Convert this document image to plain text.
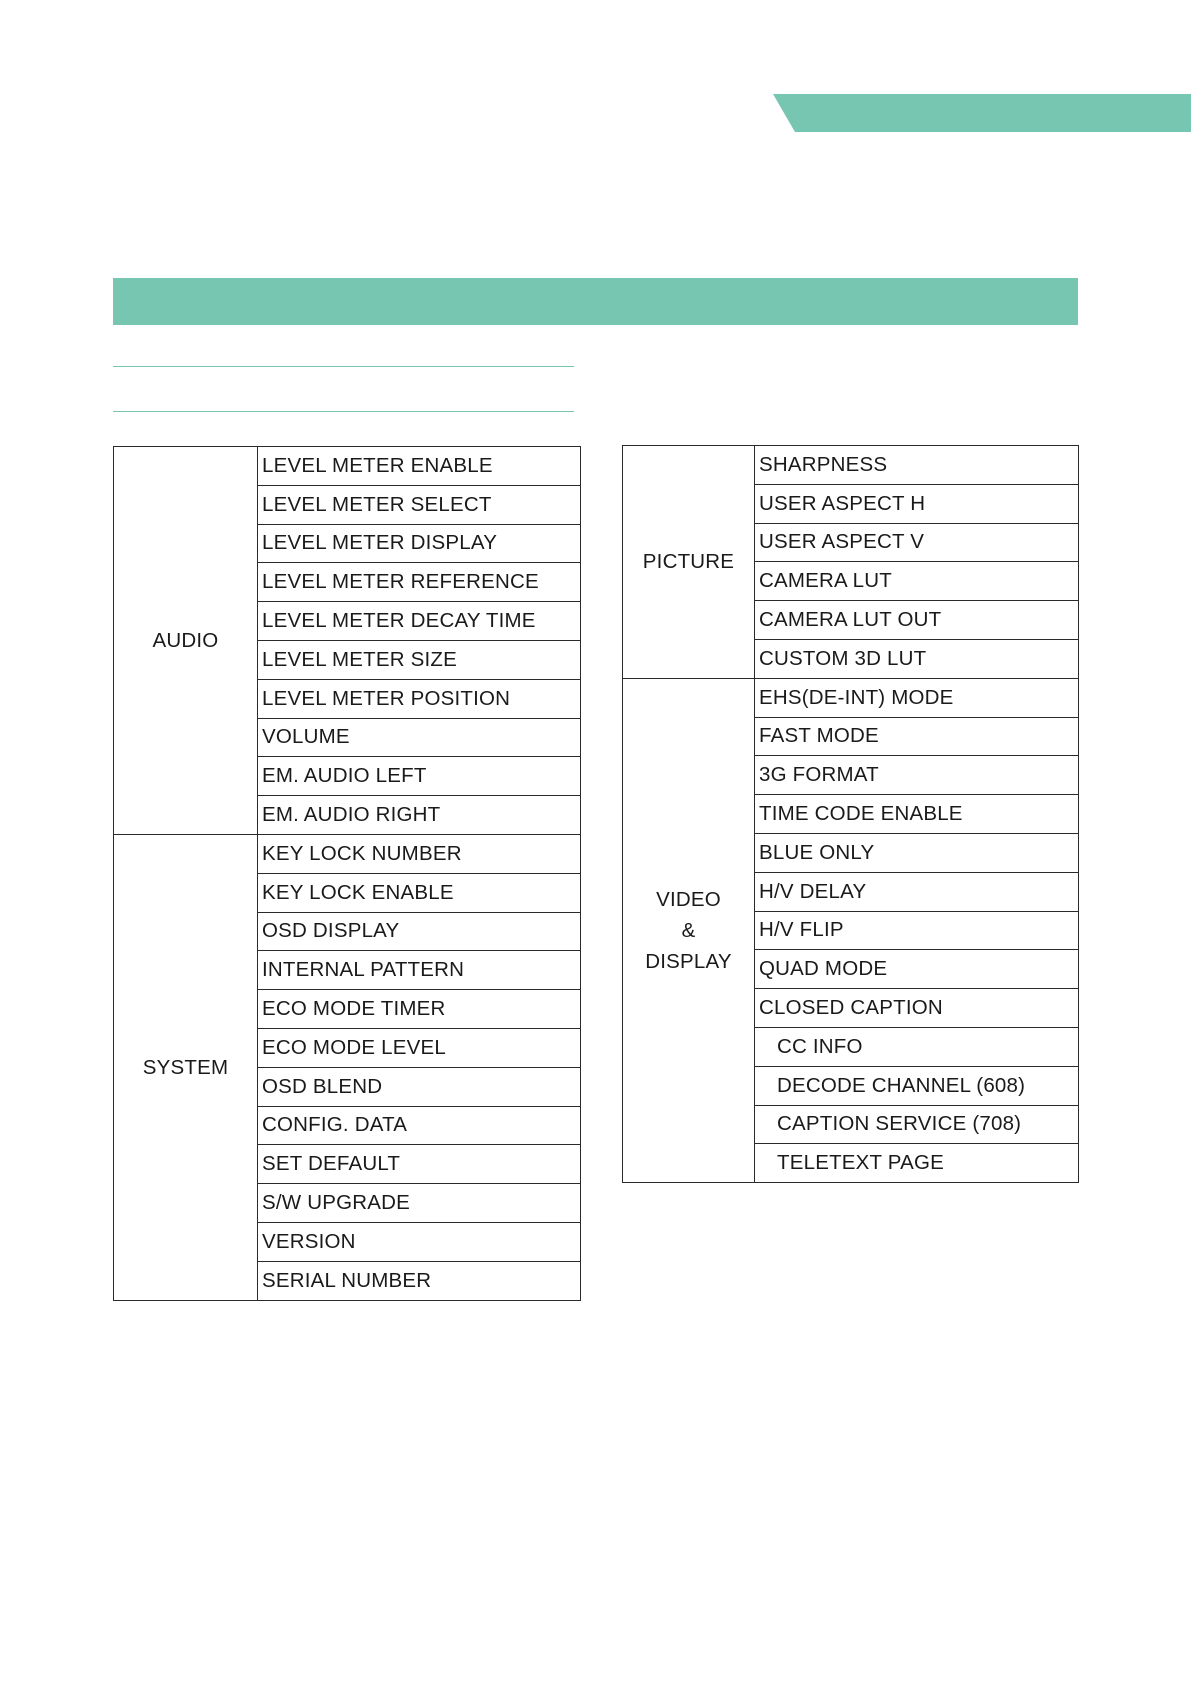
AUDIO	LEVEL METER ENABLE
	LEVEL METER SELECT
	LEVEL METER DISPLAY
	LEVEL METER REFERENCE
	LEVEL METER DECAY TIME
	LEVEL METER SIZE
	LEVEL METER POSITION
	VOLUME
	EM. AUDIO LEFT
	EM. AUDIO RIGHT
SYSTEM	KEY LOCK NUMBER
	KEY LOCK ENABLE
	OSD DISPLAY
	INTERNAL PATTERN
	ECO MODE TIMER
	ECO MODE LEVEL
	OSD BLEND
	CONFIG. DATA
	SET DEFAULT
	S/W UPGRADE
	VERSION
	SERIAL NUMBER
PICTURE	SHARPNESS
	USER ASPECT H
	USER ASPECT V
	CAMERA LUT
	CAMERA LUT OUT
	CUSTOM 3D LUT

VIDEO
&
DISPLAY	EHS(DE-INT) MODE
	FAST MODE
	3G FORMAT
	TIME CODE ENABLE
	BLUE ONLY
	H/V DELAY
	H/V FLIP
	QUAD MODE
	CLOSED CAPTION
	CC INFO
	DECODE CHANNEL (608)
	CAPTION SERVICE (708)
	TELETEXT PAGE
